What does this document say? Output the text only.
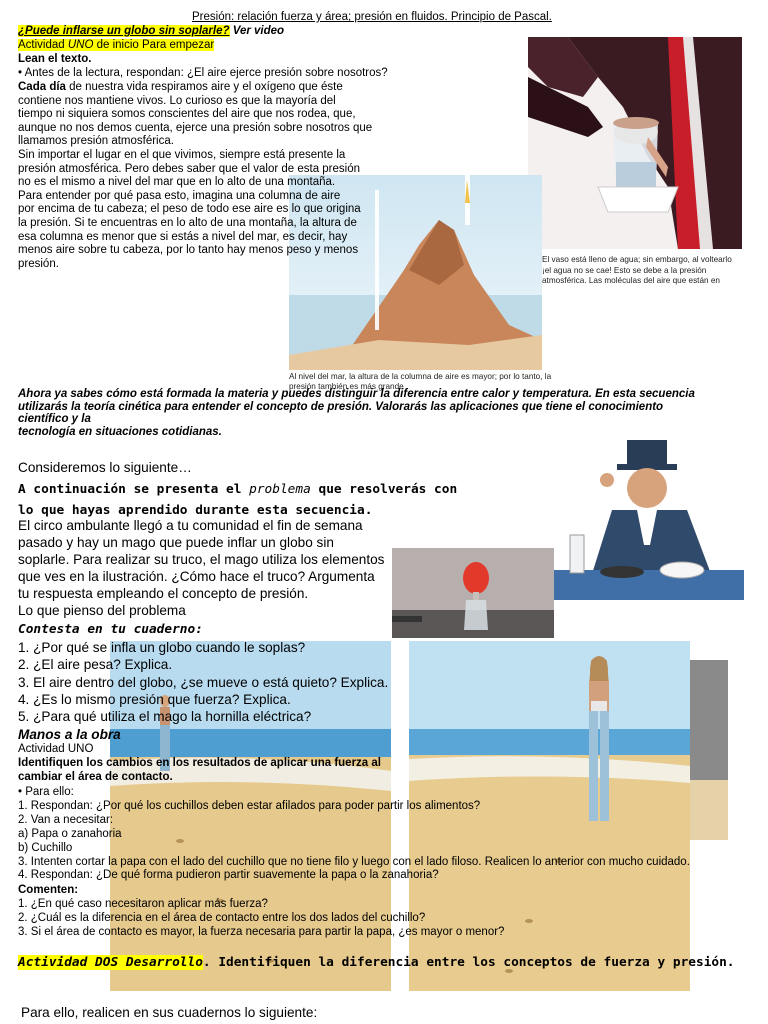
Presión: relación fuerza y área; presión en fluidos. Principio de Pascal.
¿Puede inflarse un globo sin soplarle? Ver video
Actividad UNO de inicio Para empezar
Lean el texto.
• Antes de la lectura, respondan: ¿El aire ejerce presión sobre nosotros?
Cada día de nuestra vida respiramos aire y el oxígeno que éste
contiene nos mantiene vivos. Lo curioso es que la mayoría del
tiempo ni siquiera somos conscientes del aire que nos rodea, que,
aunque no nos demos cuenta, ejerce una presión sobre nosotros que
llamamos presión atmosférica.
Sin importar el lugar en el que vivimos, siempre está presente la
presión atmosférica. Pero debes saber que el valor de esta presión
no es el mismo a nivel del mar que en lo alto de una montaña.
Para entender por qué pasa esto, imagina una columna de aire
por encima de tu cabeza; el peso de todo ese aire es lo que origina
la presión. Si te encuentras en lo alto de una montaña, la altura de
esa columna es menor que si estás a nivel del mar, es decir, hay
menos aire sobre tu cabeza, por lo tanto hay menos peso y menos
presión.	El vaso está lleno de agua; sin embargo, al voltearlo
¡el agua no se cae! Esto se debe a la presión
atmosférica. Las moléculas del aire que están en
Al nivel del mar, la altura de la columna de aire es mayor; por lo tanto, la
presión también es más grande
Ahora ya sabes cómo está formada la materia y puedes distinguir la diferencia entre calor y temperatura. En esta secuencia
utilizarás la teoría cinética para entender el concepto de presión. Valorarás las aplicaciones que tiene el conocimiento
científico y la
tecnología en situaciones cotidianas.
Consideremos lo siguiente…
A continuación se presenta el problema que resolverás con
lo que hayas aprendido durante esta secuencia.
El circo ambulante llegó a tu comunidad el fin de semana
pasado y hay un mago que puede inflar un globo sin
soplarle. Para realizar su truco, el mago utiliza los elementos
que ves en la ilustración. ¿Cómo hace el truco? Argumenta
tu respuesta empleando el concepto de presión.
Lo que pienso del problema
Contesta en tu cuaderno:
1. ¿Por qué se infla un globo cuando le soplas?
2. ¿El aire pesa? Explica.
3. El aire dentro del globo, ¿se mueve o está quieto? Explica.
4. ¿Es lo mismo presión que fuerza? Explica.
5. ¿Para qué utiliza el mago la hornilla eléctrica?
Manos a la obra
Actividad UNO
Identifiquen los cambios en los resultados de aplicar una fuerza al
cambiar el área de contacto.
• Para ello:
1. Respondan: ¿Por qué los cuchillos deben estar afilados para poder partir los alimentos?
2. Van a necesitar:
a) Papa o zanahoria
b) Cuchillo
3. Intenten cortar la papa con el lado del cuchillo que no tiene filo y luego con el lado filoso. Realicen lo anterior con mucho cuidado.
4. Respondan: ¿De qué forma pudieron partir suavemente la papa o la zanahoria?
Comenten:
1. ¿En qué caso necesitaron aplicar más fuerza?
2. ¿Cuál es la diferencia en el área de contacto entre los dos lados del cuchillo?
3. Si el área de contacto es mayor, la fuerza necesaria para partir la papa, ¿es mayor o menor?
Actividad DOS Desarrollo. Identifiquen la diferencia entre los conceptos de fuerza y presión.
Para ello, realicen en sus cuadernos lo siguiente:
